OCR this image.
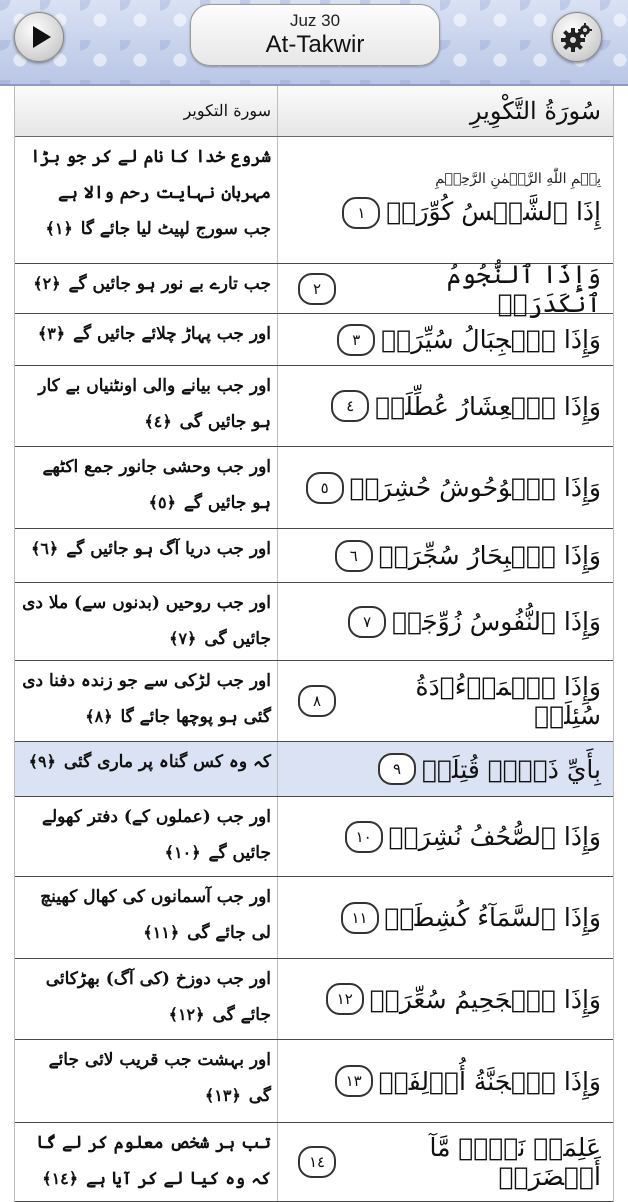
Juz 30
At-Takwir
سُورَةُ التَّكْوِيرِ
سورة التکویر
بِسۡمِ اللّٰهِ الرَّحۡمٰنِ الرَّحِيۡمِ
إِذَا ٱلشَّمۡسُ كُوِّرَتۡ١
شروع خدا کا نام لے کر جو بڑا مہربان نہایت رحم والا ہے
جب سورج لپیٹ لیا جائے گا ﴿١﴾
وَإِذَا ٱلنُّجُومُ ٱنكَدَرَتۡ
٢
جب تارے بے نور ہو جائیں گے ﴿٢﴾
وَإِذَا ٱلۡجِبَالُ سُيِّرَتۡ
٣
اور جب پہاڑ چلائے جائیں گے ﴿٣﴾
وَإِذَا ٱلۡعِشَارُ عُطِّلَتۡ
٤
اور جب بیانے والی اونٹنیاں بے کار ہو جائیں گی ﴿٤﴾
وَإِذَا ٱلۡوُحُوشُ حُشِرَتۡ
٥
اور جب وحشی جانور جمع اکٹھے ہو جائیں گے ﴿٥﴾
وَإِذَا ٱلۡبِحَارُ سُجِّرَتۡ
٦
اور جب دریا آگ ہو جائیں گے ﴿٦﴾
وَإِذَا ٱلنُّفُوسُ زُوِّجَتۡ
٧
اور جب روحیں (بدنوں سے) ملا دی جائیں گی ﴿٧﴾
وَإِذَا ٱلۡمَوۡءُۥدَةُ سُئِلَتۡ
٨
اور جب لڑکی سے جو زندہ دفنا دی گئی ہو پوچھا جائے گا ﴿٨﴾
بِأَيِّ ذَنۢبٖ قُتِلَتۡ
٩
کہ وہ کس گناہ پر ماری گئی ﴿٩﴾
وَإِذَا ٱلصُّحُفُ نُشِرَتۡ
١٠
اور جب (عملوں کے) دفتر کھولے جائیں گے ﴿١٠﴾
وَإِذَا ٱلسَّمَآءُ كُشِطَتۡ
١١
اور جب آسمانوں کی کھال کھینچ لی جائے گی ﴿١١﴾
وَإِذَا ٱلۡجَحِيمُ سُعِّرَتۡ
١٢
اور جب دوزخ (کی آگ) بھڑکائی جائے گی ﴿١٢﴾
وَإِذَا ٱلۡجَنَّةُ أُزۡلِفَتۡ
١٣
اور بہشت جب قریب لائی جائے گی ﴿١٣﴾
عَلِمَتۡ نَفۡسٞ مَّآ أَحۡضَرَتۡ
١٤
تب ہر شخص معلوم کر لے گا کہ وہ کیا لے کر آیا ہے ﴿١٤﴾
